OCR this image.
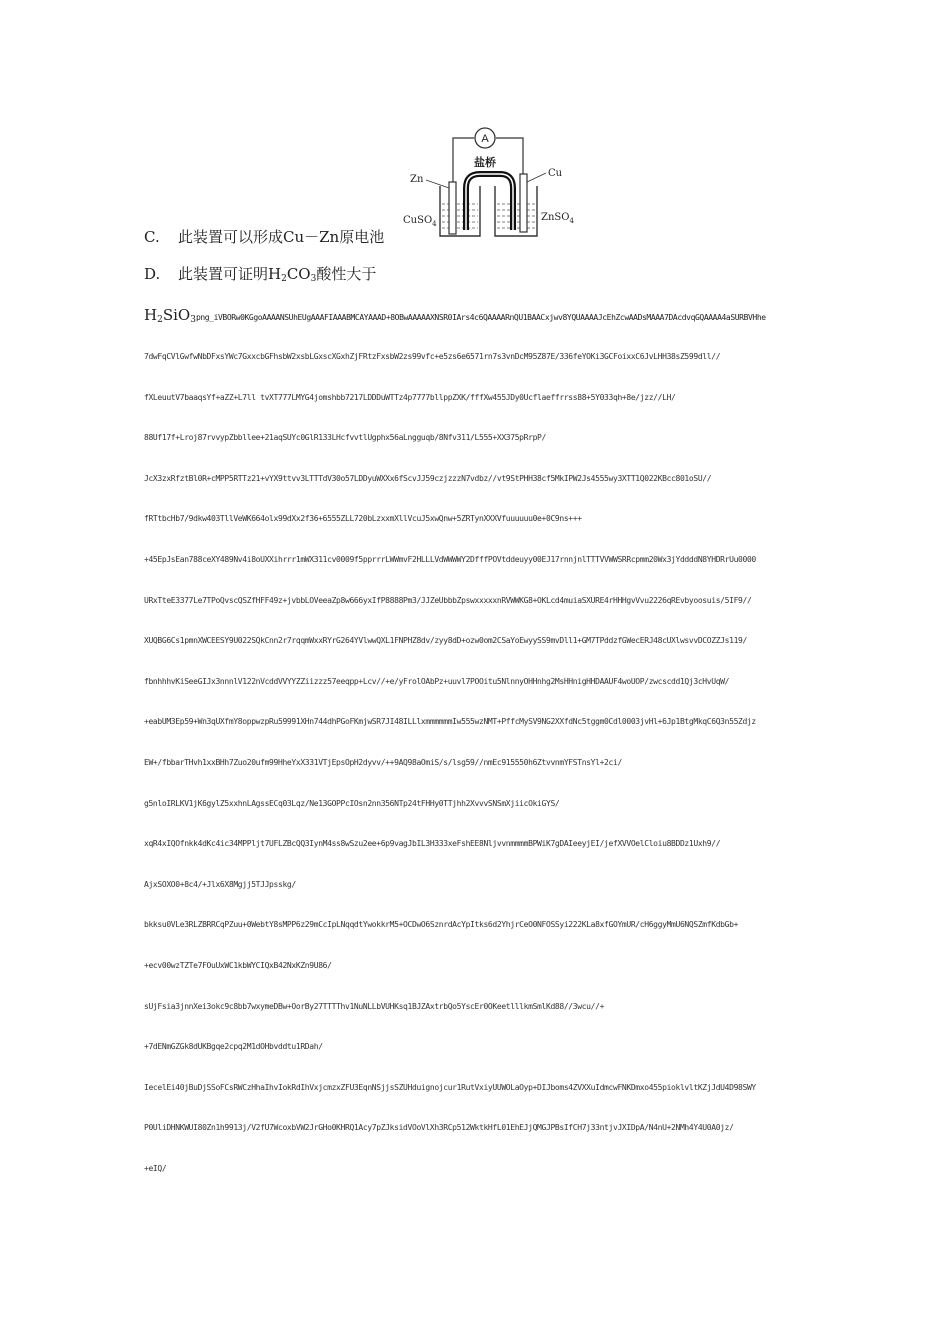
A
盐桥
Zn
Cu
CuSO$_4$
ZnSO$_4$
C. 此装置可以形成Cu－Zn原电池
D. 此装置可证明$H_2CO_3$酸性大于
$H_2SiO_3png\_iVBORw0KGgoAAAANSUhEUgAAAFIAAABMCAYAAAD+8OBwAAAAAXNSR0IArs4c6QAAAARnQU1BAACxjwv8YQUAAAAJcEhZcwAADsMAAA7DAcdvqG$QAAAA4aSURBVHhe
7dwFqCVlGwfwNbDFxsYWc7GxxcbGFhsbW2xsbLGxscXGxhZjFRtzFxsbW2zs99vfc+e5zs6e6571rn7s3vnDcM95Z87E/336feYOKi3GCFoixxC6JvLHH38sZ599dll//
fXLeuutV7baaqsYf+aZZ+L7ll tvXT777LMYG4jomshbb7217LDDDuWTTz4p7777bllppZXK/fffXw455JDy0Ucflaeffrrss88+5Y033qh+8e/jzz//LH/
88Uf17f+Lroj87rvvypZbbllee+21aqSUYc0GlR133LHcfvvtlUgphx56aLngguqb/8Nfv311/L555+XX375pRrpP/
JcX3zxRfztBl0R+cMPP5RTTz21+vYX9ttvv3LTTTdV30o57LDDyuWXXx6fScvJJ59czjzzzN7vdbz//vt9StPHH38cf5MkIPW2Js4555wy3XTT1Q022KBcc801oSU//
fRTtbcHb7/9dkw403TllVeWK664olx99dXx2f36+6555ZLL720bLzxxmXllVcuJ5xwQnw+5ZRTynXXXVfuuuuuu0e+0C9ns+++
+45EpJsEan788ceXY489Nv4i8oUXXihrrr1mWX311cv0009f5pprrrLWWmvF2HLLLVdWWWWY2DfffPOVtddeuyy00EJ17rnnjnlTTTVVWWSRRcpmm20Wx3jYddddN8YHDRrUu0000
URxTteE3377Le7TPoQvscQSZfHFF49z+jvbbLOVeeaZp8w666yxIfP8888Pm3/JJZeUbbbZpswxxxxxnRVWWKG8+OKLcd4muiaSXURE4rHHHgvVvu2226qREvbyoosuis/5IF9//
XUQBG6Cs1pmnXWCEESY9U022SQkCnn2r7rqqmWxxRYrG264YVlwwQXL1FNPHZ8dv/zyy8dD+ozw0om2CSaYoEwyySS9mvDll1+GM7TPddzfGWecERJ48cUXlwsvvDCOZZJs119/
fbnhhhvKiSeeGIJx3nnnlV122nVcddVVYYZZiizzz57eeqpp+Lcv//+e/yFrolOAbPz+uuvl7POOitu5NlnnyOHHnhg2MsHHnigHHDAAUF4woUOP/zwcscdd1Qj3cHvUqW/
+eabUM3Ep59+Wn3qUXfmY8oppwzpRu59991XHn744dhPGoFKmjwSR7JI48ILLlxmmmmmmIw555wzNMT+PffcMySV9NG2XXfdNc5tggm0Cdl0003jvHl+6Jp1BtgMkqC6Q3n55Zdjz
EW+/fbbarTHvh1xxBHh7Zuo20ufm99HheYxX331VTjEpsOpH2dyvv/++9AQ98aOmiS/s/lsg59//nmEc915550h6ZtvvnmYFSTnsYl+2ci/
g5nloIRLKV1jK6gylZ5xxhnLAgssECq03Lqz/Ne13GOPPcIOsn2nn356NTp24tFHHy0TTjhh2XvvvSNSmXjiicOkiGYS/
xqR4xIQOfnkk4dKc4ic34MPPljt7UFLZBcQQ3IynM4ss8wSzu2ee+6p9vagJbIL3H333xeFshEE8NljvvnmmmmBPWiK7gDAIeeyjEI/jefXVVOelCloiu8BDDz1Uxh9//
AjxSOXO0+8c4/+Jlx6X8Mgjj5TJJpsskg/
bkksu0VLe3RLZBRRCqPZuu+0WebtY8sMPP6z29mCcIpLNqqdtYwokkrM5+OCDwO6SznrdAcYpItks6d2YhjrCeO0NFOSSyi222KLa8xfGOYmUR/cH6ggyMmU6NQSZmfKdbGb+
+ecv00wzTZTe7FOuUxWC1kbWYCIQxB42NxKZn9U86/
sUjFsia3jnnXei3okc9c8bb7wxymeDBw+OorBy27TTTThv1NuNLLbVUHKsq1BJZAxtrbQo5YscEr0OKeetlllkmSmlKd88//3wcu//+
+7dENmGZGk8dUKBgqe2cpq2M1dOHbvddtu1RDah/
IecelEi40jBuDjSSoFCsRWCzHhaIhvIokRdIhVxjcmzxZFU3EqnNSjjsSZUHduignojcur1RutVxiyUUWOLaOyp+DIJboms4ZVXXuIdmcwFNKDmxo455pioklvltKZjJdU4D98SWY
P0UliDHNKWUI80Zn1h9913j/V2fU7WcoxbVW2JrGHo0KHRQ1Acy7pZJksidVOoVlXh3RCp512WktkHfL01EhEJjQMGJPBsIfCH7j33ntjvJXIDpA/N4nU+2NMh4Y4U0A0jz/
+eIQ/
